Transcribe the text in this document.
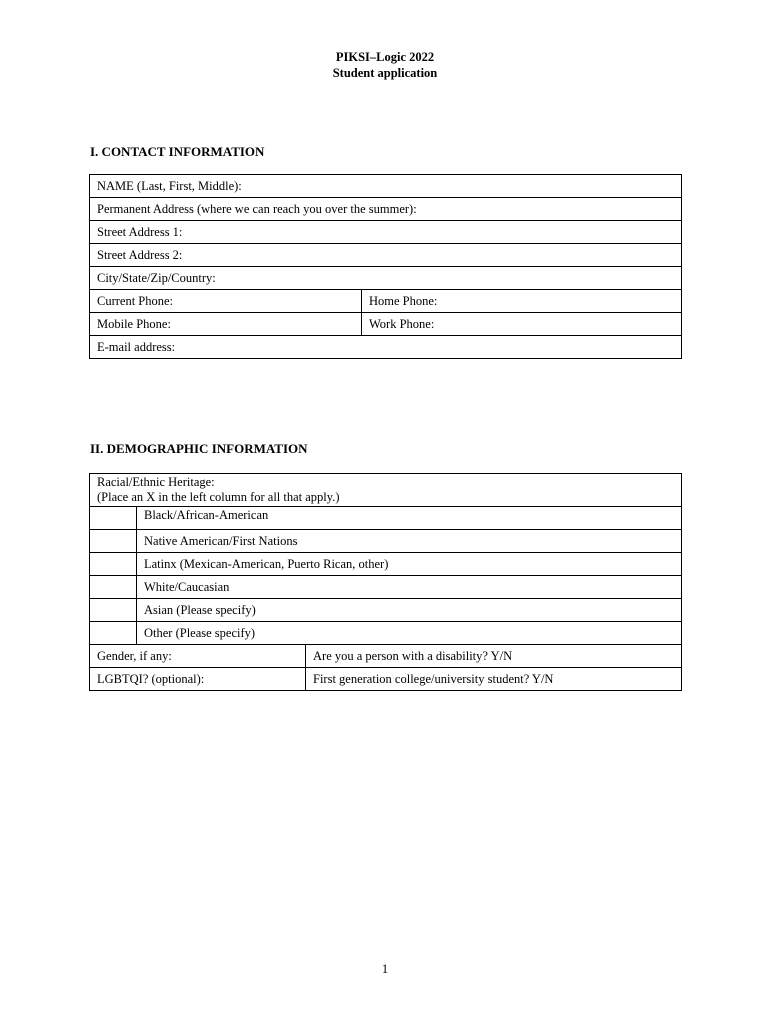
PIKSI–Logic 2022
Student application
I. CONTACT INFORMATION
NAME (Last, First, Middle):	
Permanent Address (where we can reach you over the summer):	
Street Address 1:	
Street Address 2:	
City/State/Zip/Country:	
Current Phone:	Home Phone:
Mobile Phone:	Work Phone:
E-mail address:	
II. DEMOGRAPHIC INFORMATION
Racial/Ethnic Heritage:
(Place an X in the left column for all that apply.)		

	Black/African-American	
	Native American/First Nations	
	Latinx (Mexican-American, Puerto Rican, other)	
	White/Caucasian	
	Asian (Please specify)	
	Other (Please specify)	
Gender, if any:		Are you a person with a disability? Y/N
LGBTQI? (optional):		First generation college/university student? Y/N
1
